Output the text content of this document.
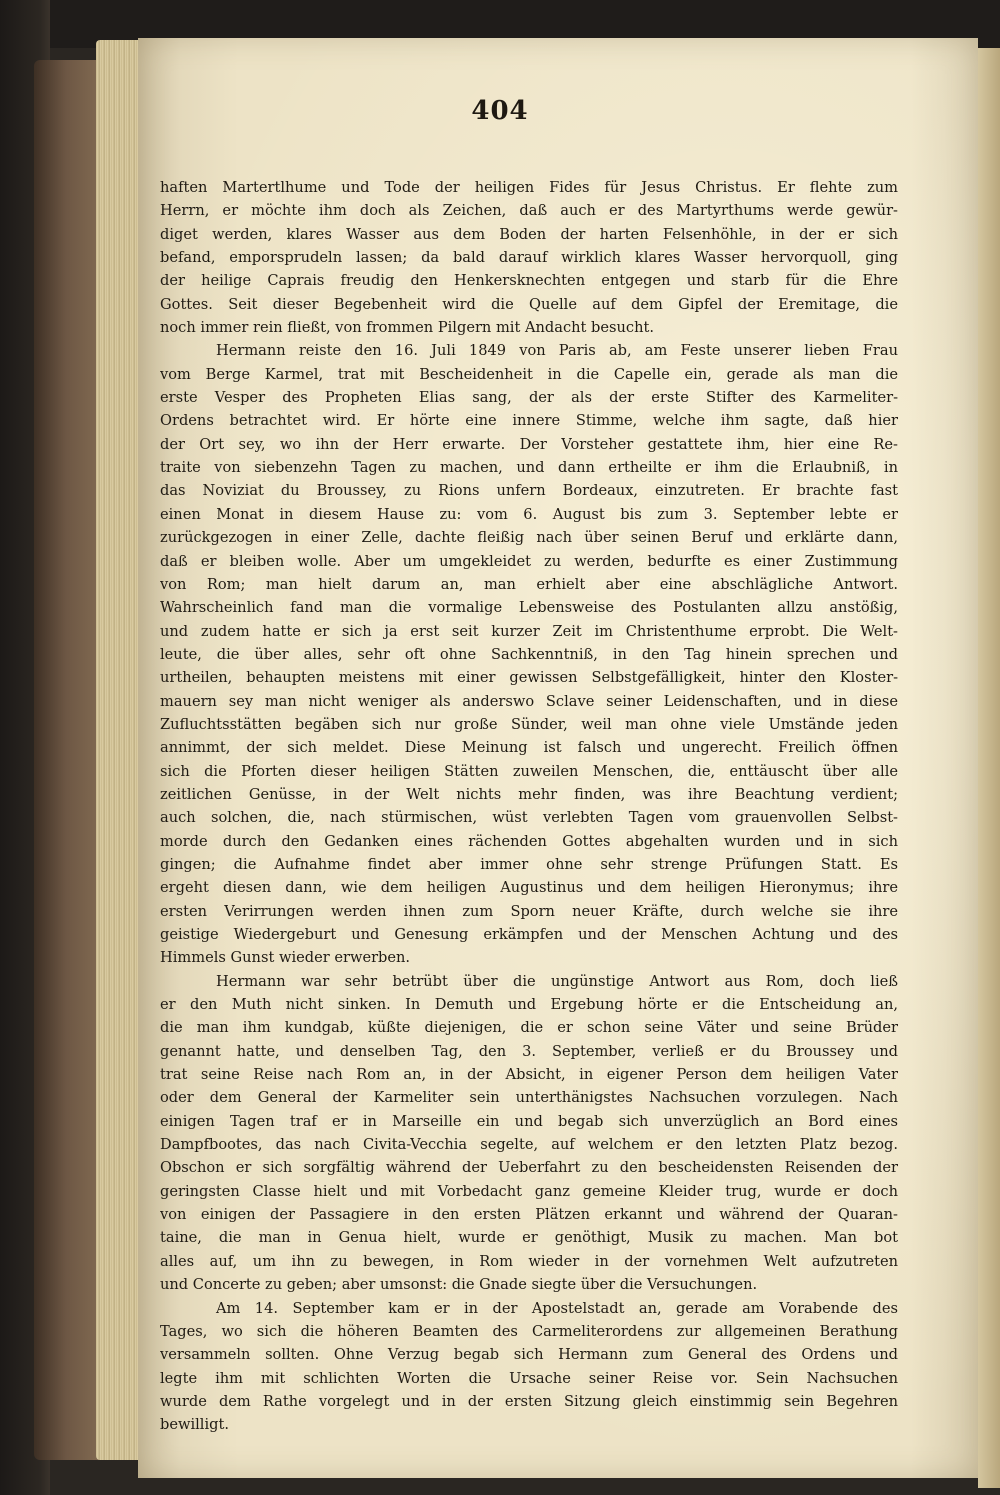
404
haften Martertlhume und Tode der heiligen Fides für Jesus Christus. Er flehte zum
Herrn, er möchte ihm doch als Zeichen, daß auch er des Martyrthums werde gewür-
diget werden, klares Wasser aus dem Boden der harten Felsenhöhle, in der er sich
befand, emporsprudeln lassen; da bald darauf wirklich klares Wasser hervorquoll, ging
der heilige Caprais freudig den Henkersknechten entgegen und starb für die Ehre
Gottes. Seit dieser Begebenheit wird die Quelle auf dem Gipfel der Eremitage, die
noch immer rein fließt, von frommen Pilgern mit Andacht besucht.
Hermann reiste den 16. Juli 1849 von Paris ab, am Feste unserer lieben Frau
vom Berge Karmel, trat mit Bescheidenheit in die Capelle ein, gerade als man die
erste Vesper des Propheten Elias sang, der als der erste Stifter des Karmeliter-
Ordens betrachtet wird. Er hörte eine innere Stimme, welche ihm sagte, daß hier
der Ort sey, wo ihn der Herr erwarte. Der Vorsteher gestattete ihm, hier eine Re-
traite von siebenzehn Tagen zu machen, und dann ertheilte er ihm die Erlaubniß, in
das Noviziat du Broussey, zu Rions unfern Bordeaux, einzutreten. Er brachte fast
einen Monat in diesem Hause zu: vom 6. August bis zum 3. September lebte er
zurückgezogen in einer Zelle, dachte fleißig nach über seinen Beruf und erklärte dann,
daß er bleiben wolle. Aber um umgekleidet zu werden, bedurfte es einer Zustimmung
von Rom; man hielt darum an, man erhielt aber eine abschlägliche Antwort.
Wahrscheinlich fand man die vormalige Lebensweise des Postulanten allzu anstößig,
und zudem hatte er sich ja erst seit kurzer Zeit im Christenthume erprobt. Die Welt-
leute, die über alles, sehr oft ohne Sachkenntniß, in den Tag hinein sprechen und
urtheilen, behaupten meistens mit einer gewissen Selbstgefälligkeit, hinter den Kloster-
mauern sey man nicht weniger als anderswo Sclave seiner Leidenschaften, und in diese
Zufluchtsstätten begäben sich nur große Sünder, weil man ohne viele Umstände jeden
annimmt, der sich meldet. Diese Meinung ist falsch und ungerecht. Freilich öffnen
sich die Pforten dieser heiligen Stätten zuweilen Menschen, die, enttäuscht über alle
zeitlichen Genüsse, in der Welt nichts mehr finden, was ihre Beachtung verdient;
auch solchen, die, nach stürmischen, wüst verlebten Tagen vom grauenvollen Selbst-
morde durch den Gedanken eines rächenden Gottes abgehalten wurden und in sich
gingen; die Aufnahme findet aber immer ohne sehr strenge Prüfungen Statt. Es
ergeht diesen dann, wie dem heiligen Augustinus und dem heiligen Hieronymus; ihre
ersten Verirrungen werden ihnen zum Sporn neuer Kräfte, durch welche sie ihre
geistige Wiedergeburt und Genesung erkämpfen und der Menschen Achtung und des
Himmels Gunst wieder erwerben.
Hermann war sehr betrübt über die ungünstige Antwort aus Rom, doch ließ
er den Muth nicht sinken. In Demuth und Ergebung hörte er die Entscheidung an,
die man ihm kundgab, küßte diejenigen, die er schon seine Väter und seine Brüder
genannt hatte, und denselben Tag, den 3. September, verließ er du Broussey und
trat seine Reise nach Rom an, in der Absicht, in eigener Person dem heiligen Vater
oder dem General der Karmeliter sein unterthänigstes Nachsuchen vorzulegen. Nach
einigen Tagen traf er in Marseille ein und begab sich unverzüglich an Bord eines
Dampfbootes, das nach Civita-Vecchia segelte, auf welchem er den letzten Platz bezog.
Obschon er sich sorgfältig während der Ueberfahrt zu den bescheidensten Reisenden der
geringsten Classe hielt und mit Vorbedacht ganz gemeine Kleider trug, wurde er doch
von einigen der Passagiere in den ersten Plätzen erkannt und während der Quaran-
taine, die man in Genua hielt, wurde er genöthigt, Musik zu machen. Man bot
alles auf, um ihn zu bewegen, in Rom wieder in der vornehmen Welt aufzutreten
und Concerte zu geben; aber umsonst: die Gnade siegte über die Versuchungen.
Am 14. September kam er in der Apostelstadt an, gerade am Vorabende des
Tages, wo sich die höheren Beamten des Carmeliterordens zur allgemeinen Berathung
versammeln sollten. Ohne Verzug begab sich Hermann zum General des Ordens und
legte ihm mit schlichten Worten die Ursache seiner Reise vor. Sein Nachsuchen
wurde dem Rathe vorgelegt und in der ersten Sitzung gleich einstimmig sein Begehren
bewilligt.
